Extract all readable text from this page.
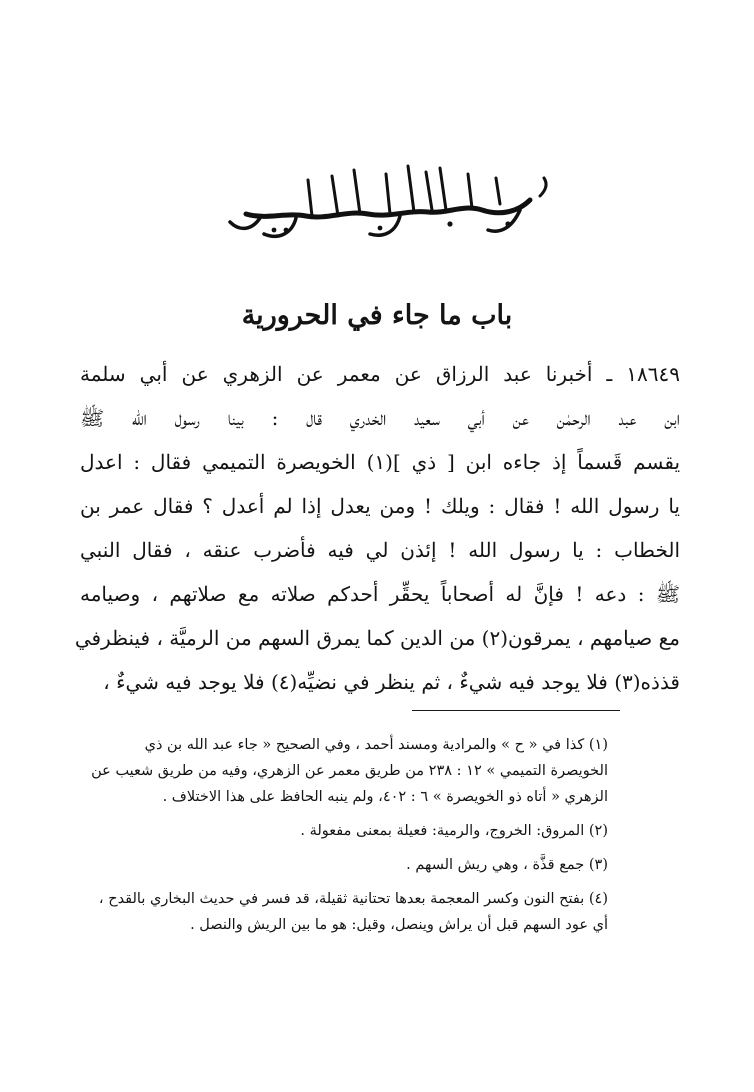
باب ما جاء في الحرورية
١٨٦٤٩ ـ أخبرنا عبد الرزاق عن معمر عن الزهري عن أبي سلمة
ابن عبد الرحمٰن عن أبي سعيد الخدري قال : بينا رسول الله ﷺ
يقسم قَسماً إذ جاءه ابن [ ذي ](١) الخويصرة التميمي فقال : اعدل
يا رسول الله ! فقال : ويلك ! ومن يعدل إذا لم أعدل ؟ فقال عمر بن
الخطاب : يا رسول الله ! إئذن لي فيه فأضرب عنقه ، فقال النبي
ﷺ : دعه ! فإنَّ له أصحاباً يحقِّر أحدكم صلاته مع صلاتهم ، وصيامه
مع صيامهم ، يمرقون(٢) من الدين كما يمرق السهم من الرميَّة ، فينظرفي
قذذه(٣) فلا يوجد فيه شيءٌ ، ثم ينظر في نضيِّه(٤) فلا يوجد فيه شيءٌ ،
(١) كذا في « ح » والمرادية ومسند أحمد ، وفي الصحيح « جاء عبد الله بن ذي
الخويصرة التميمي » ١٢ : ٢٣٨ من طريق معمر عن الزهري، وفيه من طريق شعيب عن
الزهري « أتاه ذو الخويصرة » ٦ : ٤٠٢، ولم ينبه الحافظ على هذا الاختلاف .
(٢) المروق: الخروج، والرمية: فعيلة بمعنى مفعولة .
(٣) جمع قذَّة ، وهي ريش السهم .
(٤) بفتح النون وكسر المعجمة بعدها تحتانية ثقيلة، قد فسر في حديث البخاري بالقدح ،
أي عود السهم قبل أن يراش وينصل، وقيل: هو ما بين الريش والنصل .
